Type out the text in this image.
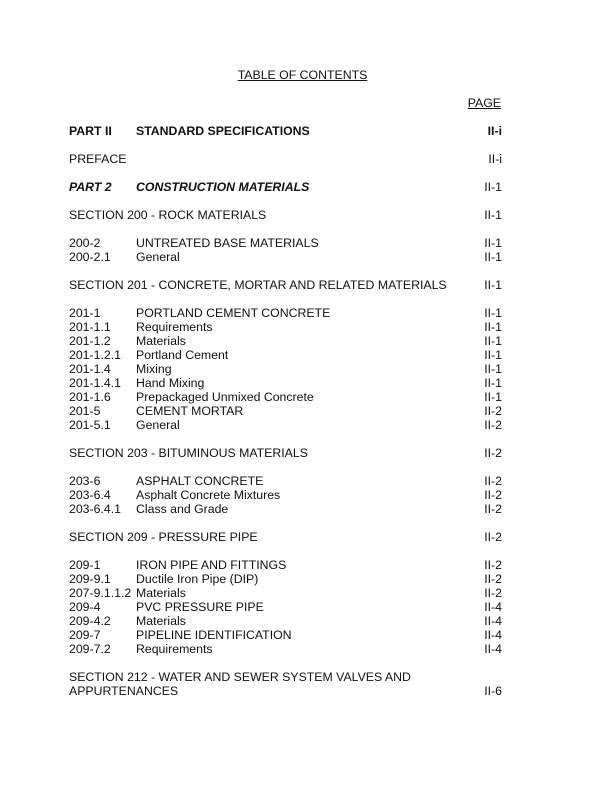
TABLE OF CONTENTS
PAGE
PART II STANDARD SPECIFICATIONS	II-i
PREFACE	II-i
PART 2 CONSTRUCTION MATERIALS	II-1
SECTION 200 - ROCK MATERIALS	II-1
200-2	UNTREATED BASE MATERIALS	II-1
200-2.1 General	II-1
SECTION 201 - CONCRETE, MORTAR AND RELATED MATERIALS	II-1
201-1	PORTLAND CEMENT CONCRETE	II-1
201-1.1 Requirements	II-1
201-1.2 Materials	II-1
201-1.2.1 Portland Cement	II-1
201-1.4 Mixing	II-1
201-1.4.1 Hand Mixing	II-1
201-1.6 Prepackaged Unmixed Concrete	II-1
201-5	CEMENT MORTAR	II-2
201-5.1 General	II-2
SECTION 203 - BITUMINOUS MATERIALS	II-2
203-6	ASPHALT CONCRETE	II-2
203-6.4 Asphalt Concrete Mixtures	II-2
203-6.4.1 Class and Grade	II-2
SECTION 209 - PRESSURE PIPE	II-2
209-1	IRON PIPE AND FITTINGS	II-2
209-9.1 Ductile Iron Pipe (DIP)	II-2
207-9.1.1.2 Materials	II-2
209-4	PVC PRESSURE PIPE	II-4
209-4.2 Materials	II-4
209-7	PIPELINE IDENTIFICATION	II-4
209-7.2 Requirements	II-4
SECTION 212 - WATER AND SEWER SYSTEM VALVES AND
APPURTENANCES	II-6
